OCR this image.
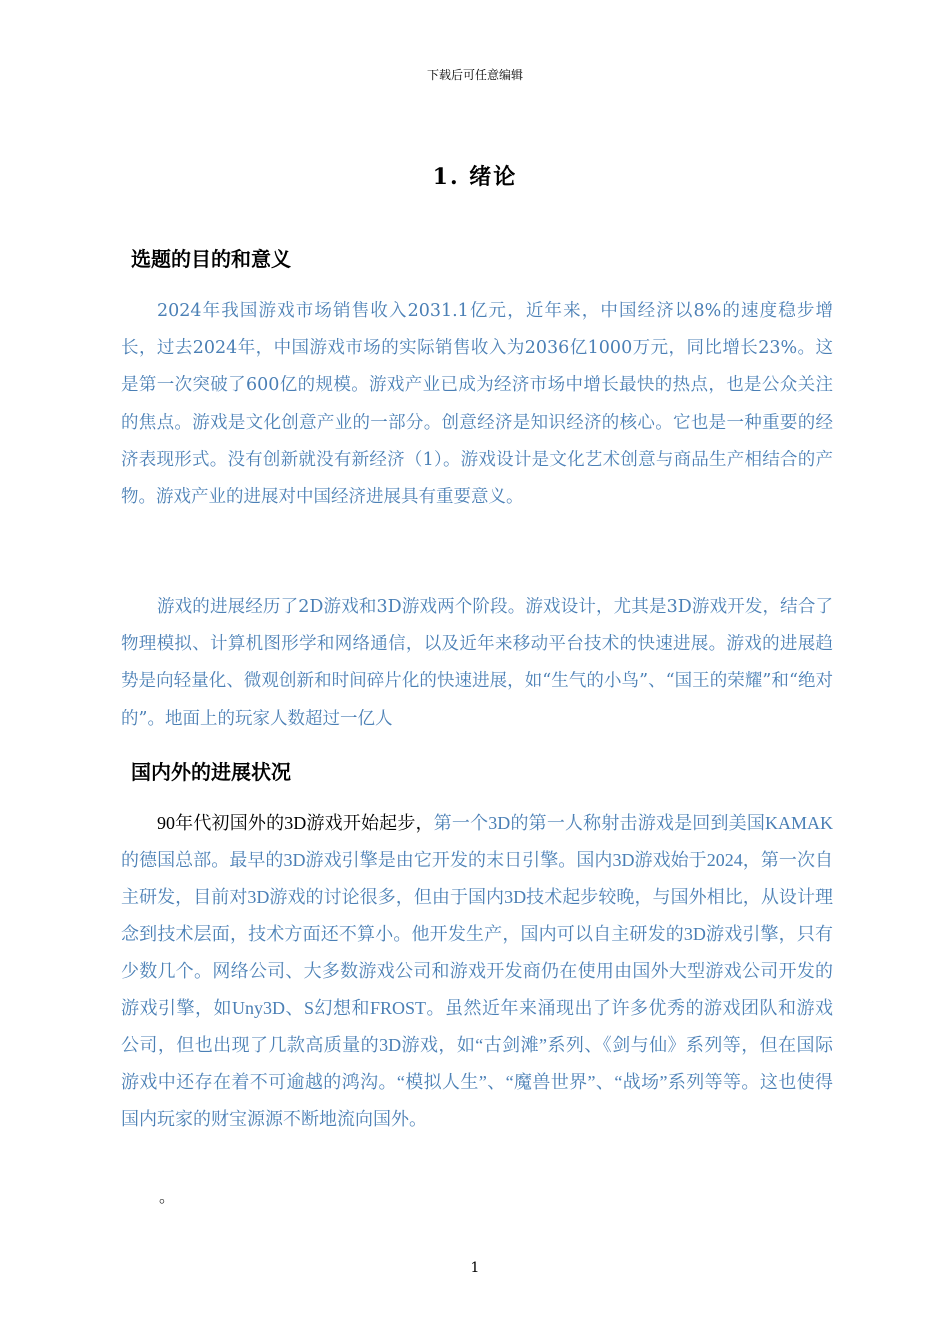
下载后可任意编辑
1. 绪论
选题的目的和意义
2024年我国游戏市场销售收入2031.1亿元，近年来，中国经济以8%的速度稳步增长，过去2024年，中国游戏市场的实际销售收入为2036亿1000万元，同比增长23%。这是第一次突破了600亿的规模。游戏产业已成为经济市场中增长最快的热点，也是公众关注的焦点。游戏是文化创意产业的一部分。创意经济是知识经济的核心。它也是一种重要的经济表现形式。没有创新就没有新经济（1）。游戏设计是文化艺术创意与商品生产相结合的产物。游戏产业的进展对中国经济进展具有重要意义。
游戏的进展经历了2D游戏和3D游戏两个阶段。游戏设计，尤其是3D游戏开发，结合了物理模拟、计算机图形学和网络通信，以及近年来移动平台技术的快速进展。游戏的进展趋势是向轻量化、微观创新和时间碎片化的快速进展，如“生气的小鸟”、“国王的荣耀”和“绝对的”。地面上的玩家人数超过一亿人
国内外的进展状况
90年代初国外的3D游戏开始起步，第一个3D的第一人称射击游戏是回到美国KAMAK的德国总部。最早的3D游戏引擎是由它开发的末日引擎。国内3D游戏始于2024，第一次自主研发，目前对3D游戏的讨论很多，但由于国内3D技术起步较晚，与国外相比，从设计理念到技术层面，技术方面还不算小。他开发生产，国内可以自主研发的3D游戏引擎，只有少数几个。网络公司、大多数游戏公司和游戏开发商仍在使用由国外大型游戏公司开发的游戏引擎，如Uny3D、S幻想和FROST。虽然近年来涌现出了许多优秀的游戏团队和游戏公司，但也出现了几款高质量的3D游戏，如“古剑滩”系列、《剑与仙》系列等，但在国际游戏中还存在着不可逾越的鸿沟。“模拟人生”、“魔兽世界”、“战场”系列等等。这也使得国内玩家的财宝源源不断地流向国外。
。
1
